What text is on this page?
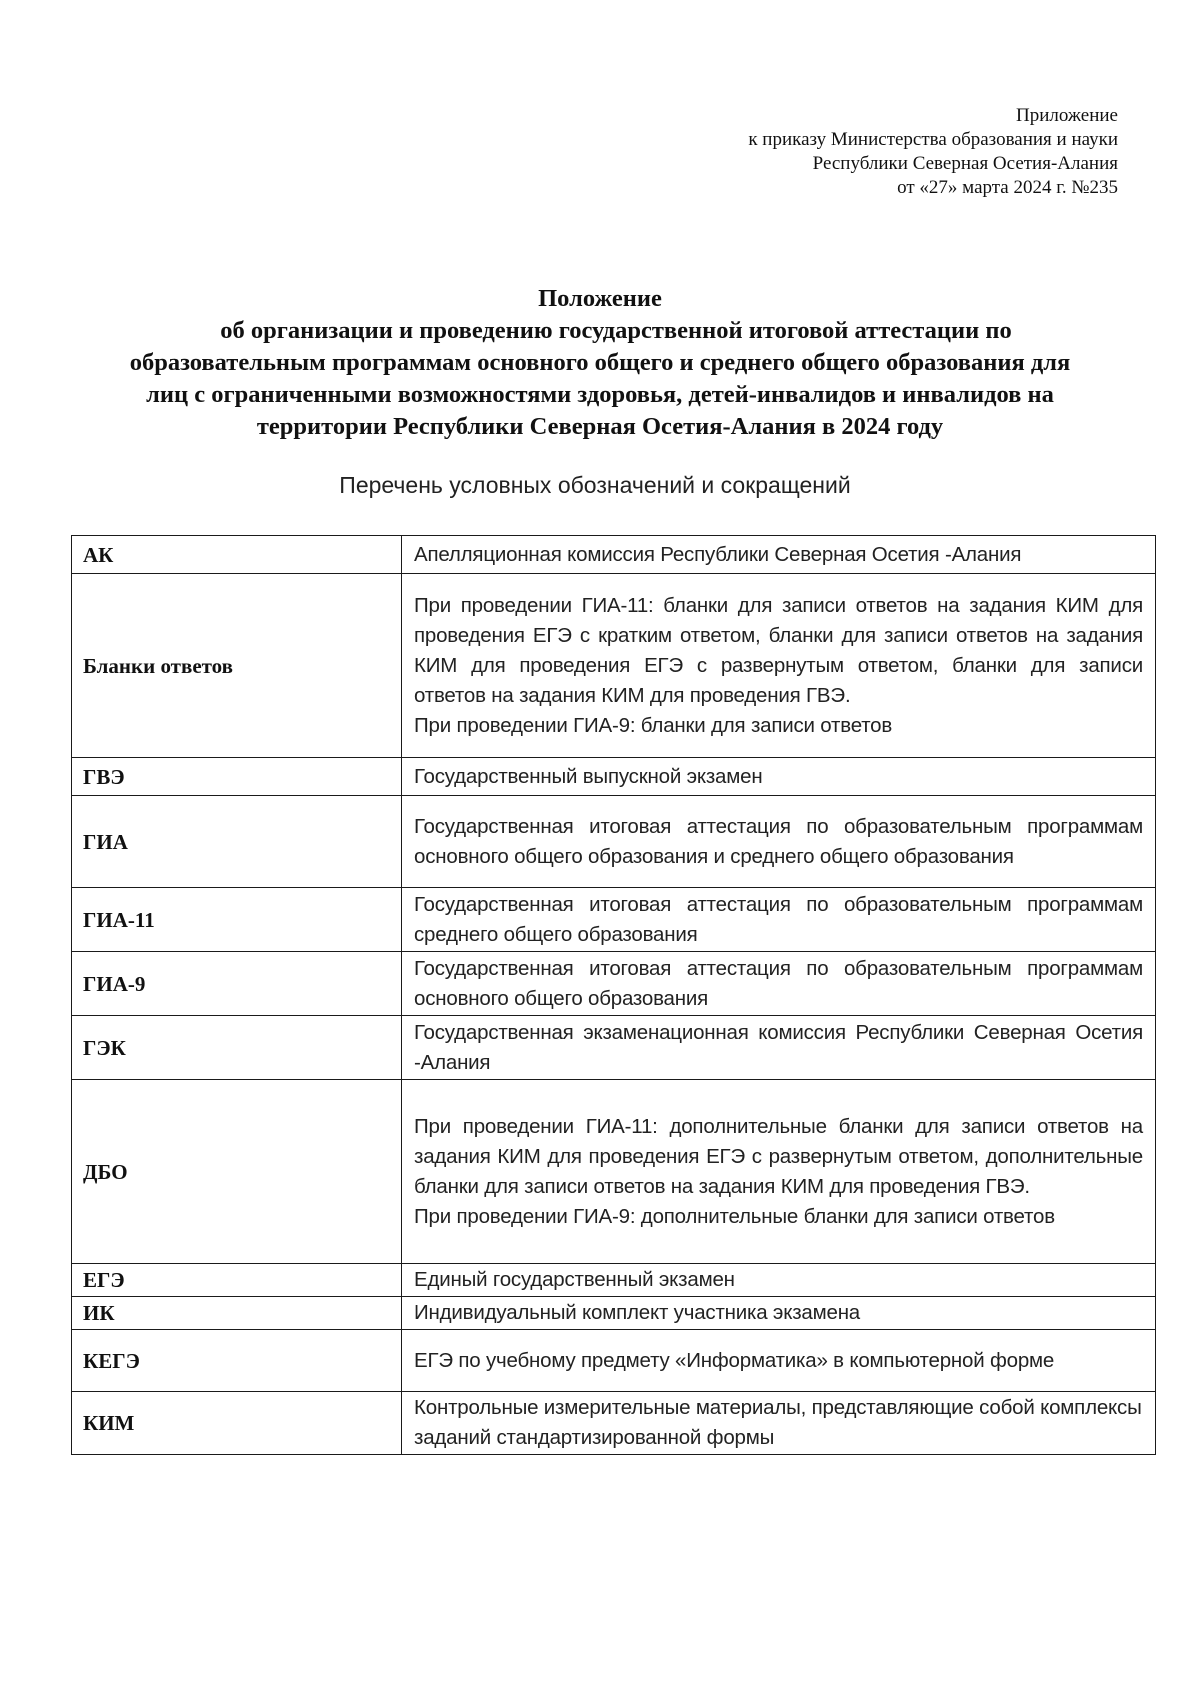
Приложение
к приказу Министерства образования и науки
Республики Северная Осетия-Алания
от «27» марта 2024 г. №235
Положение
об организации и проведению государственной итоговой аттестации по
образовательным программам основного общего и среднего общего образования для
лиц с ограниченными возможностями здоровья, детей-инвалидов и инвалидов на
территории Республики Северная Осетия-Алания в 2024 году
Перечень условных обозначений и сокращений
АК	Апелляционная комиссия Республики Северная Осетия -Алания

Бланки ответов	При проведении ГИА-11: бланки для записи ответов на задания КИМ для проведения ЕГЭ с кратким ответом, бланки для записи ответов на задания КИМ для проведения ЕГЭ с развернутым ответом, бланки для записи ответов на задания КИМ для проведения ГВЭ.
При проведении ГИА-9: бланки для записи ответов

ГВЭ	Государственный выпускной экзамен

ГИА	Государственная итоговая аттестация по образовательным программам основного общего образования и среднего общего образования

ГИА-11	Государственная итоговая аттестация по образовательным программам среднего общего образования

ГИА-9	Государственная итоговая аттестация по образовательным программам основного общего образования

ГЭК	Государственная экзаменационная комиссия Республики Северная Осетия -Алания

ДБО	При проведении ГИА-11: дополнительные бланки для записи ответов на задания КИМ для проведения ЕГЭ с развернутым ответом, дополнительные бланки для записи ответов на задания КИМ для проведения ГВЭ.
При проведении ГИА-9: дополнительные бланки для записи ответов

ЕГЭ	Единый государственный экзамен

ИК	Индивидуальный комплект участника экзамена

КЕГЭ	ЕГЭ по учебному предмету «Информатика» в компьютерной форме

КИМ	Контрольные измерительные материалы, представляющие собой комплексы заданий стандартизированной формы
